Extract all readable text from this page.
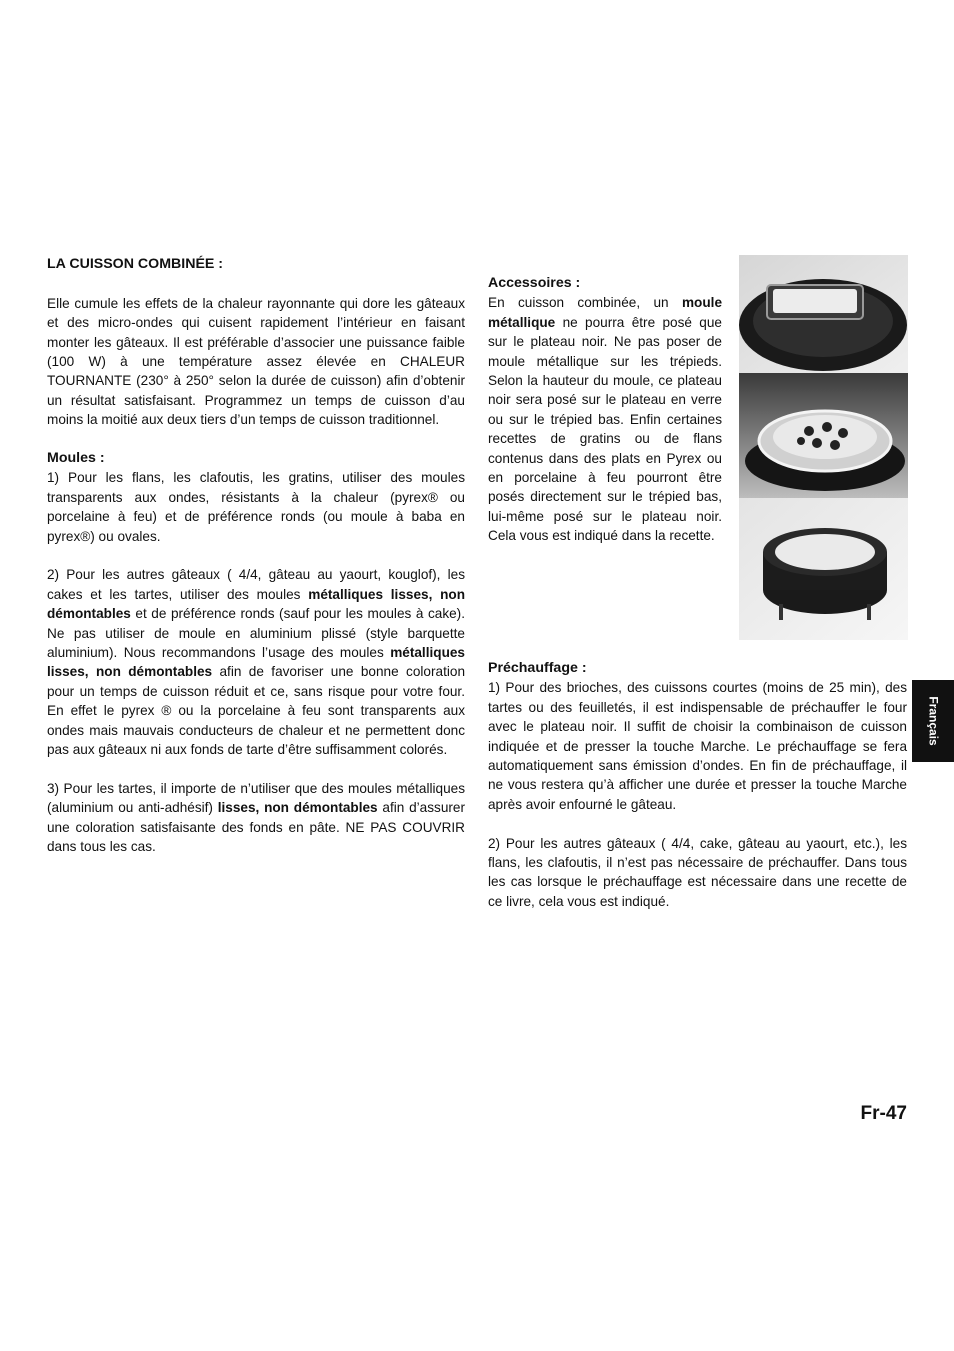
LA CUISSON COMBINÉE :

Elle cumule les effets de la chaleur rayonnante qui dore les gâteaux et des micro-ondes qui cuisent rapidement l’intérieur en faisant monter les gâteaux. Il est préférable d’associer une puissance faible (100 W) à une température assez élevée en CHALEUR TOURNANTE (230° à 250° selon la durée de cuisson) afin d’obtenir un résultat satisfaisant. Programmez un temps de cuisson d’au moins la moitié aux deux tiers d’un temps de cuisson traditionnel.

Moules :

1) Pour les flans, les clafoutis, les gratins, utiliser des moules transparents aux ondes, résistants à la chaleur (pyrex® ou porcelaine à feu) et de préférence ronds (ou moule à baba en pyrex®) ou ovales.

2) Pour les autres gâteaux ( 4/4, gâteau au yaourt, kouglof), les cakes et les tartes, utiliser des moules métalliques lisses, non démontables et de préférence ronds (sauf pour les moules à cake). Ne pas utiliser de moule en aluminium plissé (style barquette aluminium). Nous recommandons l’usage des moules métalliques lisses, non démontables afin de favoriser une bonne coloration pour un temps de cuisson réduit et ce, sans risque pour votre four. En effet le pyrex ® ou la porcelaine à feu sont transparents aux ondes mais mauvais conducteurs de chaleur et ne permettent donc pas aux gâteaux ni aux fonds de tarte d’être suffisamment colorés.

3) Pour les tartes, il importe de n’utiliser que des moules métalliques (aluminium ou anti-adhésif) lisses, non démontables afin d’assurer une coloration satisfaisante des fonds en pâte. NE PAS COUVRIR dans tous les cas.

Accessoires :

En cuisson combinée, un moule métallique ne pourra être posé que sur le plateau noir. Ne pas poser de moule métallique sur les trépieds. Selon la hauteur du moule, ce plateau noir sera posé sur le plateau en verre ou sur le trépied bas. Enfin certaines recettes de gratins ou de flans contenus dans des plats en Pyrex ou en porcelaine à feu pourront être posés directement sur le trépied bas, lui-même posé sur le plateau noir. Cela vous est indiqué dans la recette.

Préchauffage :

1) Pour des brioches, des cuissons courtes (moins de 25 min), des tartes ou des feuilletés, il est indispensable de préchauffer le four avec le plateau noir. Il suffit de choisir la combinaison de cuisson indiquée et de presser la touche Marche. Le préchauffage se fera automatiquement sans émission d’ondes. En fin de préchauffage, il ne vous restera qu’à afficher une durée et presser la touche Marche après avoir enfourné le gâteau.

2) Pour les autres gâteaux ( 4/4, cake, gâteau au yaourt, etc.), les flans, les clafoutis, il n’est pas nécessaire de préchauffer. Dans tous les cas lorsque le préchauffage est nécessaire dans une recette de ce livre, cela vous est indiqué.

Français
Fr-47
